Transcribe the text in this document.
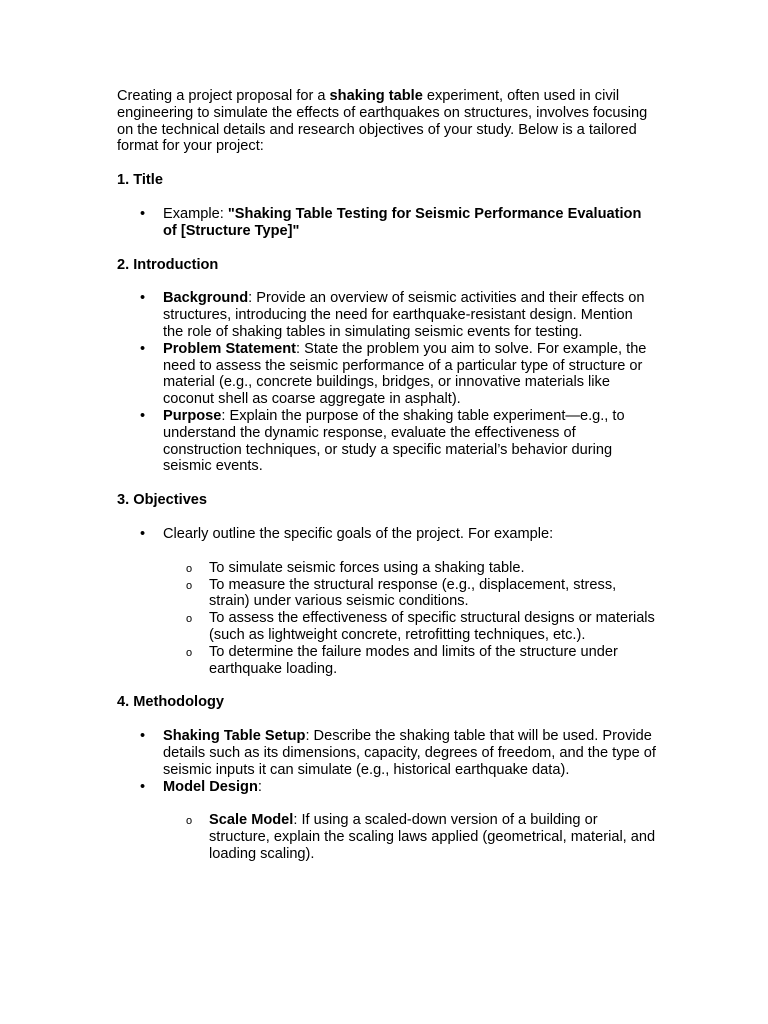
Creating a project proposal for a shaking table experiment, often used in civil engineering to simulate the effects of earthquakes on structures, involves focusing on the technical details and research objectives of your study. Below is a tailored format for your project:

1. Title
• Example: "Shaking Table Testing for Seismic Performance Evaluation of [Structure Type]"
2. Introduction
• Background: Provide an overview of seismic activities and their effects on structures, introducing the need for earthquake-resistant design. Mention the role of shaking tables in simulating seismic events for testing.
• Problem Statement: State the problem you aim to solve. For example, the need to assess the seismic performance of a particular type of structure or material (e.g., concrete buildings, bridges, or innovative materials like coconut shell as coarse aggregate in asphalt).
• Purpose: Explain the purpose of the shaking table experiment—e.g., to understand the dynamic response, evaluate the effectiveness of construction techniques, or study a specific material’s behavior during seismic events.
3. Objectives
• Clearly outline the specific goals of the project. For example:
o To simulate seismic forces using a shaking table.
o To measure the structural response (e.g., displacement, stress, strain) under various seismic conditions.
o To assess the effectiveness of specific structural designs or materials (such as lightweight concrete, retrofitting techniques, etc.).
o To determine the failure modes and limits of the structure under earthquake loading.
4. Methodology
• Shaking Table Setup: Describe the shaking table that will be used. Provide details such as its dimensions, capacity, degrees of freedom, and the type of seismic inputs it can simulate (e.g., historical earthquake data).
• Model Design:
o Scale Model: If using a scaled-down version of a building or structure, explain the scaling laws applied (geometrical, material, and loading scaling).
